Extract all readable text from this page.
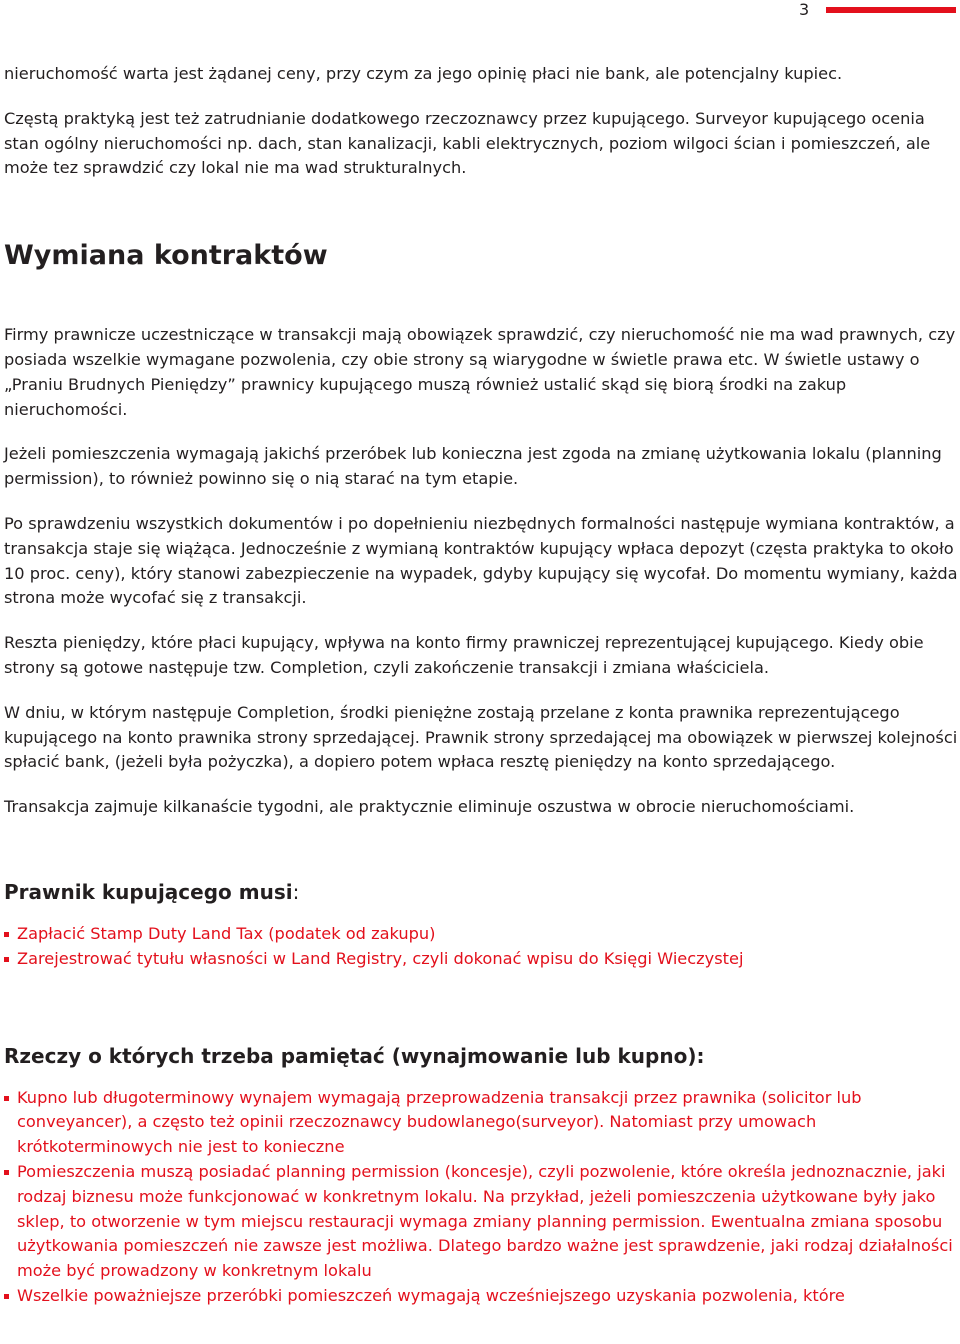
3

nieruchomość warta jest żądanej ceny, przy czym za jego opinię płaci nie bank, ale potencjalny kupiec.

Częstą praktyką jest też zatrudnianie dodatkowego rzeczoznawcy przez kupującego. Surveyor kupującego ocenia stan ogólny nieruchomości np. dach, stan kanalizacji, kabli elektrycznych, poziom wilgoci ścian i pomieszczeń, ale może tez sprawdzić czy lokal nie ma wad strukturalnych.

Wymiana kontraktów

Firmy prawnicze uczestniczące w transakcji mają obowiązek sprawdzić, czy nieruchomość nie ma wad prawnych, czy posiada wszelkie wymagane pozwolenia, czy obie strony są wiarygodne w świetle prawa etc. W świetle ustawy o „Praniu Brudnych Pieniędzy” prawnicy kupującego muszą również ustalić skąd się biorą środki na zakup nieruchomości.

Jeżeli pomieszczenia wymagają jakichś przeróbek lub konieczna jest zgoda na zmianę użytkowania lokalu (planning permission), to również powinno się o nią starać na tym etapie.

Po sprawdzeniu wszystkich dokumentów i po dopełnieniu niezbędnych formalności następuje wymiana kontraktów, a transakcja staje się wiążąca. Jednocześnie z wymianą kontraktów kupujący wpłaca depozyt (częsta praktyka to około 10 proc. ceny), który stanowi zabezpieczenie na wypadek, gdyby kupujący się wycofał. Do momentu wymiany, każda strona może wycofać się z transakcji.

Reszta pieniędzy, które płaci kupujący, wpływa na konto firmy prawniczej reprezentującej kupującego. Kiedy obie strony są gotowe następuje tzw. Completion, czyli zakończenie transakcji i zmiana właściciela.

W dniu, w którym następuje Completion, środki pieniężne zostają przelane z konta prawnika reprezentującego kupującego na konto prawnika strony sprzedającej. Prawnik strony sprzedającej ma obowiązek w pierwszej kolejności spłacić bank, (jeżeli była pożyczka), a dopiero potem wpłaca resztę pieniędzy na konto sprzedającego.

Transakcja zajmuje kilkanaście tygodni, ale praktycznie eliminuje oszustwa w obrocie nieruchomościami.

Prawnik kupującego musi:
Zapłacić Stamp Duty Land Tax (podatek od zakupu)
Zarejestrować tytułu własności w Land Registry, czyli dokonać wpisu do Księgi Wieczystej
Rzeczy o których trzeba pamiętać (wynajmowanie lub kupno):
Kupno lub długoterminowy wynajem wymagają przeprowadzenia transakcji przez prawnika (solicitor lub conveyancer), a często też opinii rzeczoznawcy budowlanego(surveyor). Natomiast przy umowach krótkoterminowych nie jest to konieczne
Pomieszczenia muszą posiadać planning permission (koncesje), czyli pozwolenie, które określa jednoznacznie, jaki rodzaj biznesu może funkcjonować w konkretnym lokalu. Na przykład, jeżeli pomieszczenia użytkowane były jako sklep, to otworzenie w tym miejscu restauracji wymaga zmiany planning permission. Ewentualna zmiana sposobu użytkowania pomieszczeń nie zawsze jest możliwa. Dlatego bardzo ważne jest sprawdzenie, jaki rodzaj działalności może być prowadzony w konkretnym lokalu
Wszelkie poważniejsze przeróbki pomieszczeń wymagają wcześniejszego uzyskania pozwolenia, które
